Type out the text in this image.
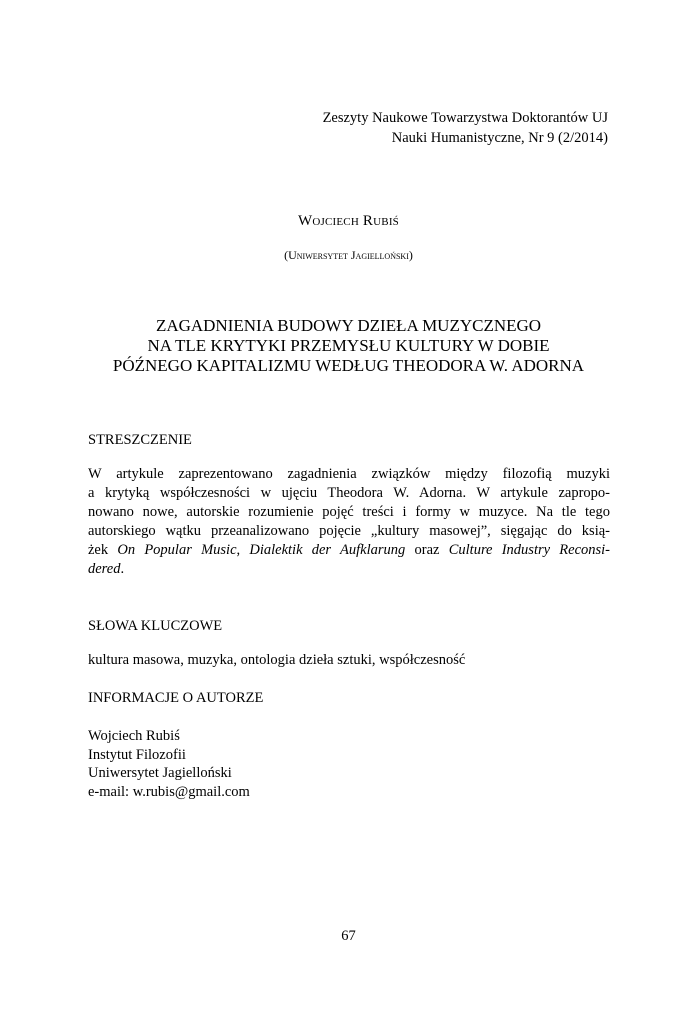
Zeszyty Naukowe Towarzystwa Doktorantów UJ
Nauki Humanistyczne, Nr 9 (2/2014)
Wojciech Rubiś
(Uniwersytet Jagielloński)
ZAGADNIENIA BUDOWY DZIEŁA MUZYCZNEGO
NA TLE KRYTYKI PRZEMYSŁU KULTURY W DOBIE
PÓŹNEGO KAPITALIZMU WEDŁUG THEODORA W. ADORNA
STRESZCZENIE
W artykule zaprezentowano zagadnienia związków między filozofią muzyki
a krytyką współczesności w ujęciu Theodora W. Adorna. W artykule zapropo-
nowano nowe, autorskie rozumienie pojęć treści i formy w muzyce. Na tle tego
autorskiego wątku przeanalizowano pojęcie „kultury masowej”, sięgając do ksią-
żek On Popular Music, Dialektik der Aufklarung oraz Culture Industry Reconsi-
dered.
SŁOWA KLUCZOWE
kultura masowa, muzyka, ontologia dzieła sztuki, współczesność
INFORMACJE O AUTORZE
Wojciech Rubiś
Instytut Filozofii
Uniwersytet Jagielloński
e-mail: w.rubis@gmail.com
67
